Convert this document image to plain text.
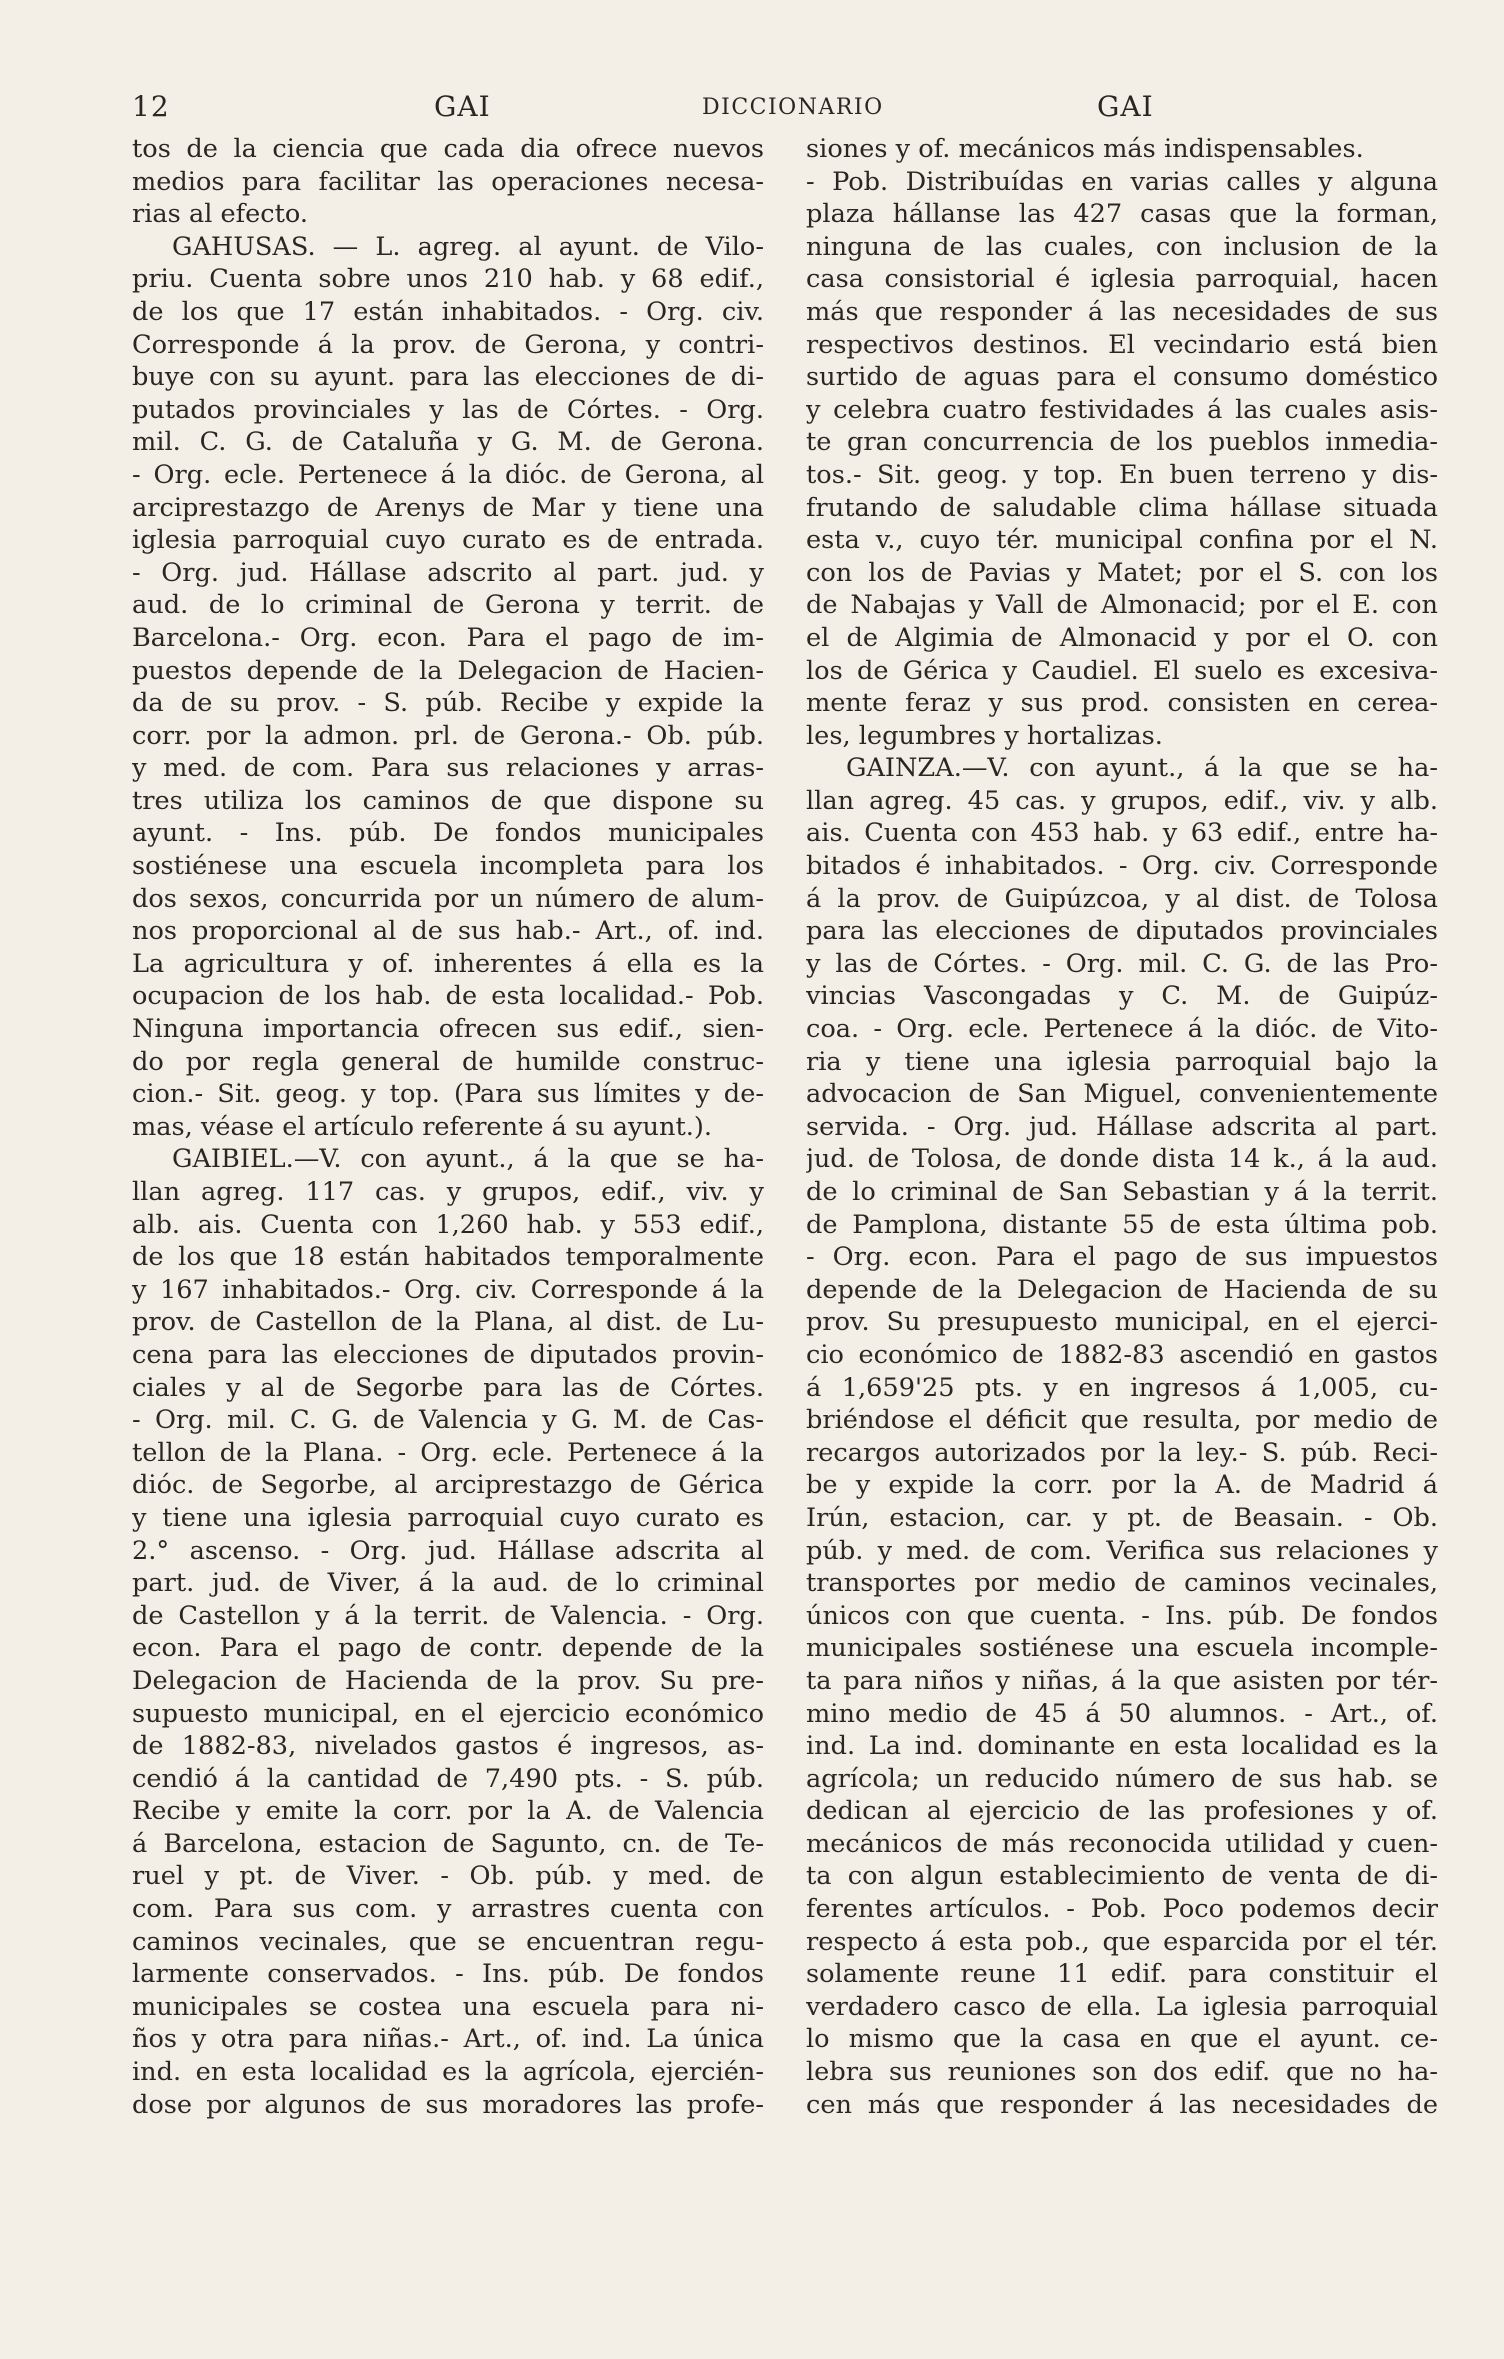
12	GAI	DICCIONARIO	GAI
tos de la ciencia que cada dia ofrece nuevos
medios para facilitar las operaciones necesa-
rias al efecto.
GAHUSAS. — L. agreg. al ayunt. de Vilo-
priu. Cuenta sobre unos 210 hab. y 68 edif.,
de los que 17 están inhabitados. - Org. civ.
Corresponde á la prov. de Gerona, y contri-
buye con su ayunt. para las elecciones de di-
putados provinciales y las de Córtes. - Org.
mil. C. G. de Cataluña y G. M. de Gerona.
- Org. ecle. Pertenece á la dióc. de Gerona, al
arciprestazgo de Arenys de Mar y tiene una
iglesia parroquial cuyo curato es de entrada.
- Org. jud. Hállase adscrito al part. jud. y
aud. de lo criminal de Gerona y territ. de
Barcelona.- Org. econ. Para el pago de im-
puestos depende de la Delegacion de Hacien-
da de su prov. - S. púb. Recibe y expide la
corr. por la admon. prl. de Gerona.- Ob. púb.
y med. de com. Para sus relaciones y arras-
tres utiliza los caminos de que dispone su
ayunt. - Ins. púb. De fondos municipales
sostiénese una escuela incompleta para los
dos sexos, concurrida por un número de alum-
nos proporcional al de sus hab.- Art., of. ind.
La agricultura y of. inherentes á ella es la
ocupacion de los hab. de esta localidad.- Pob.
Ninguna importancia ofrecen sus edif., sien-
do por regla general de humilde construc-
cion.- Sit. geog. y top. (Para sus límites y de-
mas, véase el artículo referente á su ayunt.).
GAIBIEL.—V. con ayunt., á la que se ha-
llan agreg. 117 cas. y grupos, edif., viv. y
alb. ais. Cuenta con 1,260 hab. y 553 edif.,
de los que 18 están habitados temporalmente
y 167 inhabitados.- Org. civ. Corresponde á la
prov. de Castellon de la Plana, al dist. de Lu-
cena para las elecciones de diputados provin-
ciales y al de Segorbe para las de Córtes.
- Org. mil. C. G. de Valencia y G. M. de Cas-
tellon de la Plana. - Org. ecle. Pertenece á la
dióc. de Segorbe, al arciprestazgo de Gérica
y tiene una iglesia parroquial cuyo curato es
2.° ascenso. - Org. jud. Hállase adscrita al
part. jud. de Viver, á la aud. de lo criminal
de Castellon y á la territ. de Valencia. - Org.
econ. Para el pago de contr. depende de la
Delegacion de Hacienda de la prov. Su pre-
supuesto municipal, en el ejercicio económico
de 1882-83, nivelados gastos é ingresos, as-
cendió á la cantidad de 7,490 pts. - S. púb.
Recibe y emite la corr. por la A. de Valencia
á Barcelona, estacion de Sagunto, cn. de Te-
ruel y pt. de Viver. - Ob. púb. y med. de
com. Para sus com. y arrastres cuenta con
caminos vecinales, que se encuentran regu-
larmente conservados. - Ins. púb. De fondos
municipales se costea una escuela para ni-
ños y otra para niñas.- Art., of. ind. La única
ind. en esta localidad es la agrícola, ejercién-
dose por algunos de sus moradores las profe-
siones y of. mecánicos más indispensables.
- Pob. Distribuídas en varias calles y alguna
plaza hállanse las 427 casas que la forman,
ninguna de las cuales, con inclusion de la
casa consistorial é iglesia parroquial, hacen
más que responder á las necesidades de sus
respectivos destinos. El vecindario está bien
surtido de aguas para el consumo doméstico
y celebra cuatro festividades á las cuales asis-
te gran concurrencia de los pueblos inmedia-
tos.- Sit. geog. y top. En buen terreno y dis-
frutando de saludable clima hállase situada
esta v., cuyo tér. municipal confina por el N.
con los de Pavias y Matet; por el S. con los
de Nabajas y Vall de Almonacid; por el E. con
el de Algimia de Almonacid y por el O. con
los de Gérica y Caudiel. El suelo es excesiva-
mente feraz y sus prod. consisten en cerea-
les, legumbres y hortalizas.
GAINZA.—V. con ayunt., á la que se ha-
llan agreg. 45 cas. y grupos, edif., viv. y alb.
ais. Cuenta con 453 hab. y 63 edif., entre ha-
bitados é inhabitados. - Org. civ. Corresponde
á la prov. de Guipúzcoa, y al dist. de Tolosa
para las elecciones de diputados provinciales
y las de Córtes. - Org. mil. C. G. de las Pro-
vincias Vascongadas y C. M. de Guipúz-
coa. - Org. ecle. Pertenece á la dióc. de Vito-
ria y tiene una iglesia parroquial bajo la
advocacion de San Miguel, convenientemente
servida. - Org. jud. Hállase adscrita al part.
jud. de Tolosa, de donde dista 14 k., á la aud.
de lo criminal de San Sebastian y á la territ.
de Pamplona, distante 55 de esta última pob.
- Org. econ. Para el pago de sus impuestos
depende de la Delegacion de Hacienda de su
prov. Su presupuesto municipal, en el ejerci-
cio económico de 1882-83 ascendió en gastos
á 1,659'25 pts. y en ingresos á 1,005, cu-
briéndose el déficit que resulta, por medio de
recargos autorizados por la ley.- S. púb. Reci-
be y expide la corr. por la A. de Madrid á
Irún, estacion, car. y pt. de Beasain. - Ob.
púb. y med. de com. Verifica sus relaciones y
transportes por medio de caminos vecinales,
únicos con que cuenta. - Ins. púb. De fondos
municipales sostiénese una escuela incomple-
ta para niños y niñas, á la que asisten por tér-
mino medio de 45 á 50 alumnos. - Art., of.
ind. La ind. dominante en esta localidad es la
agrícola; un reducido número de sus hab. se
dedican al ejercicio de las profesiones y of.
mecánicos de más reconocida utilidad y cuen-
ta con algun establecimiento de venta de di-
ferentes artículos. - Pob. Poco podemos decir
respecto á esta pob., que esparcida por el tér.
solamente reune 11 edif. para constituir el
verdadero casco de ella. La iglesia parroquial
lo mismo que la casa en que el ayunt. ce-
lebra sus reuniones son dos edif. que no ha-
cen más que responder á las necesidades de
